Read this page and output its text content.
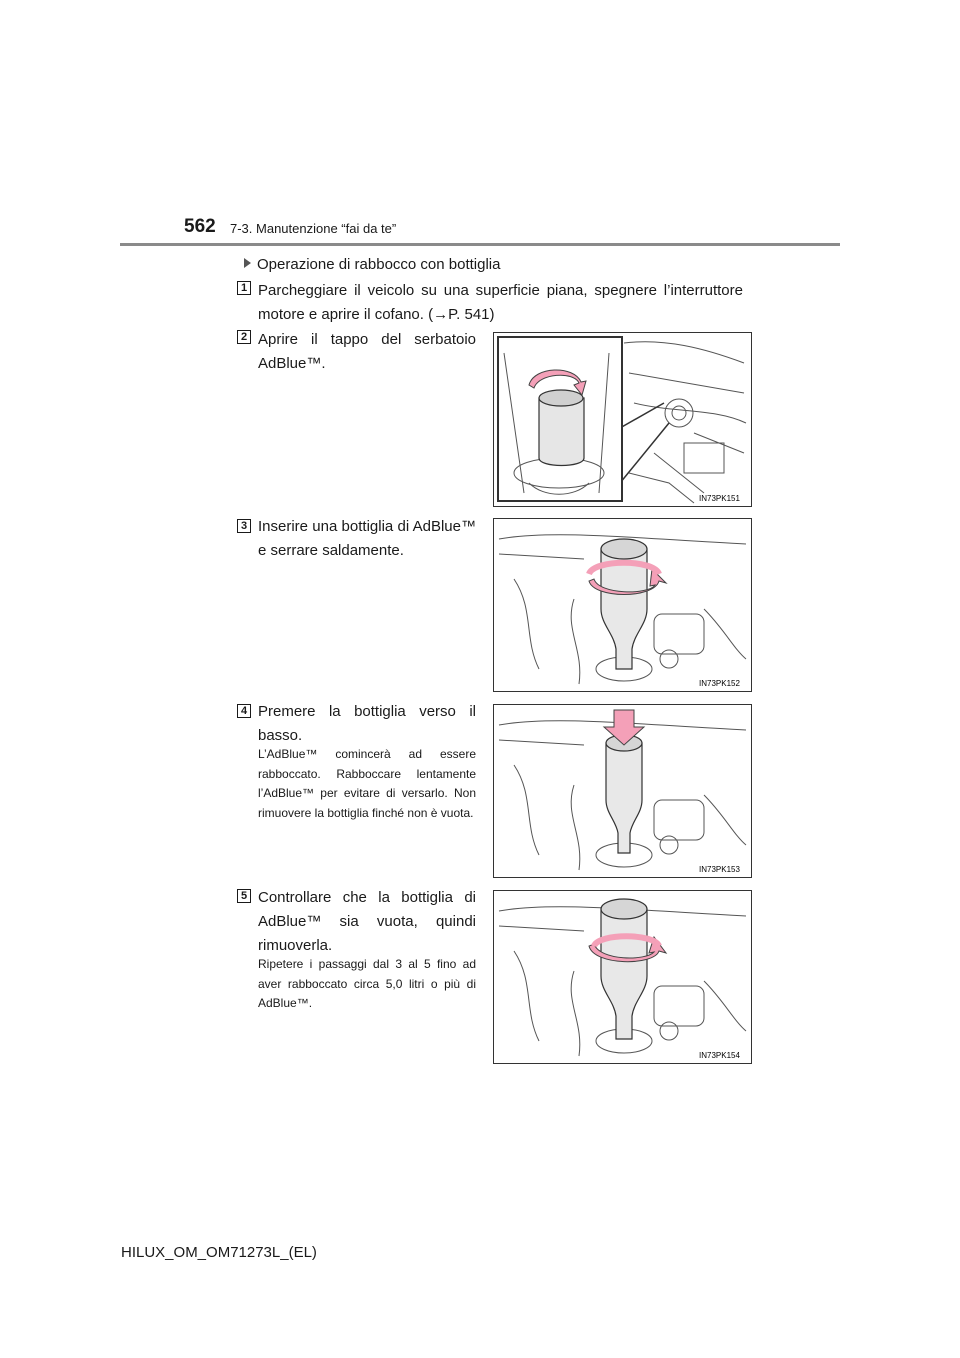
562 7-3. Manutenzione “fai da te”
Operazione di rabbocco con bottiglia
1 Parcheggiare il veicolo su una superficie piana, spegnere l’interruttore motore e aprire il cofano. (→P. 541)
2 Aprire il tappo del serbatoio AdBlue™.
IN73PK151
3 Inserire una bottiglia di AdBlue™ e serrare saldamente.
IN73PK152
4 Premere la bottiglia verso il basso.
L’AdBlue™ comincerà ad essere rabboccato. Rabboccare lentamente l’AdBlue™ per evitare di versarlo. Non rimuovere la bottiglia finché non è vuota.
IN73PK153
5 Controllare che la bottiglia di AdBlue™ sia vuota, quindi rimuoverla.
Ripetere i passaggi dal 3 al 5 fino ad aver rabboccato circa 5,0 litri o più di AdBlue™.
IN73PK154
HILUX_OM_OM71273L_(EL)
